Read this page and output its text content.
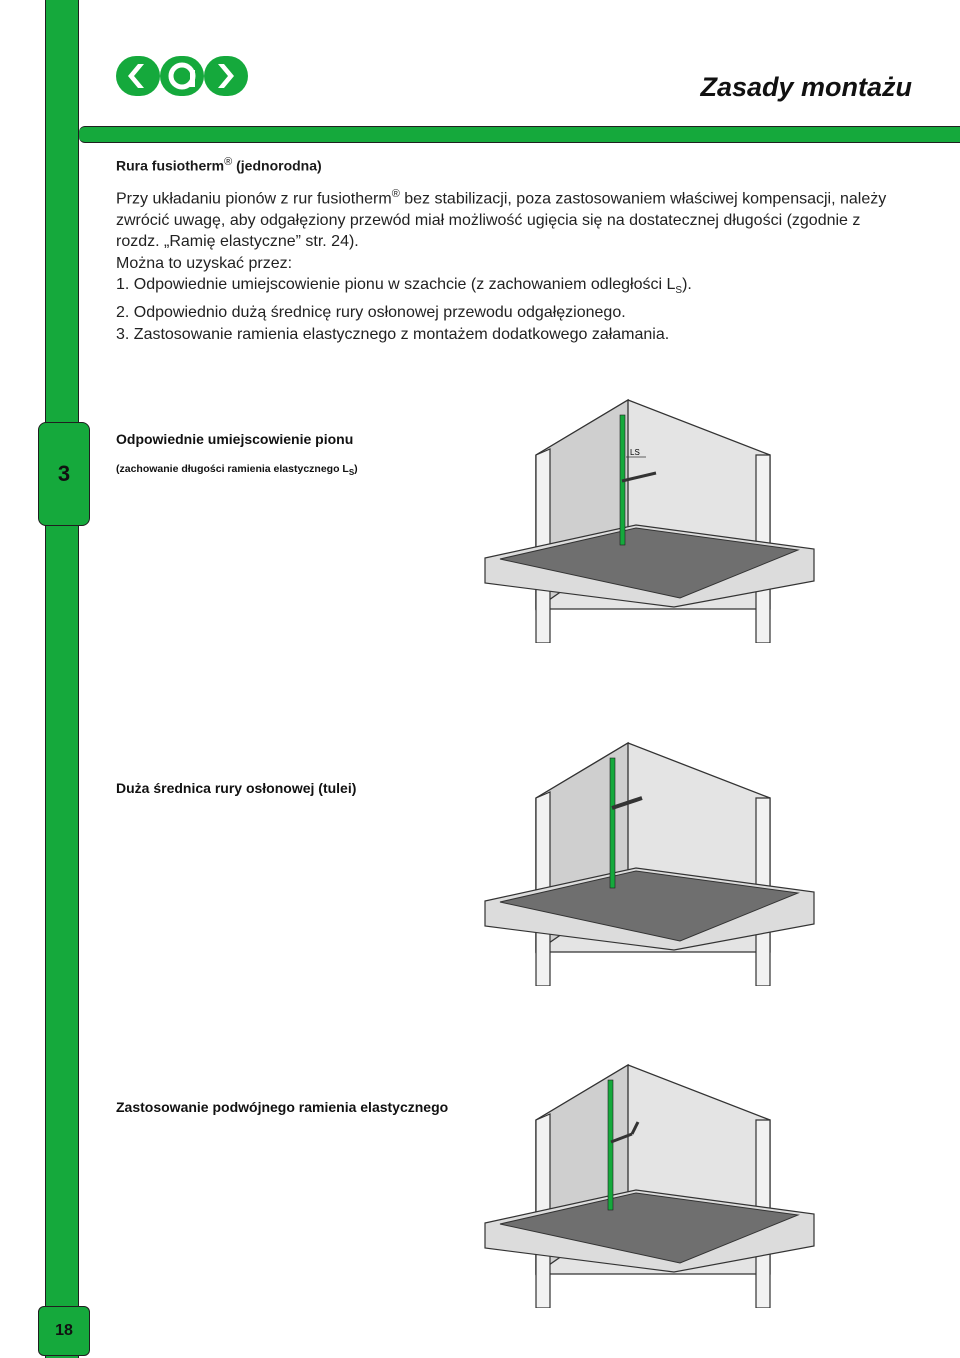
3
18
Zasady montażu
Rura fusiotherm® (jednorodna)

Przy układaniu pionów z rur fusiotherm® bez stabilizacji, poza zastosowaniem właściwej kompensacji, należy zwrócić uwagę, aby odgałęziony przewód miał możliwość ugięcia się na dostatecznej długości (zgodnie z rozdz. „Ramię elastyczne” str. 24).

Można to uzyskać przez:

1. Odpowiednie umiejscowienie pionu w szachcie (z zachowaniem odległości $L_S$).

2. Odpowiednio dużą średnicę rury osłonowej przewodu odgałęzionego.

3. Zastosowanie ramienia elastycznego z montażem dodatkowego załamania.

Odpowiednie umiejscowienie pionu
(zachowanie długości ramienia elastycznego $L_S$)
Duża średnica rury osłonowej (tulei)
Zastosowanie podwójnego ramienia elastycznego
LS
